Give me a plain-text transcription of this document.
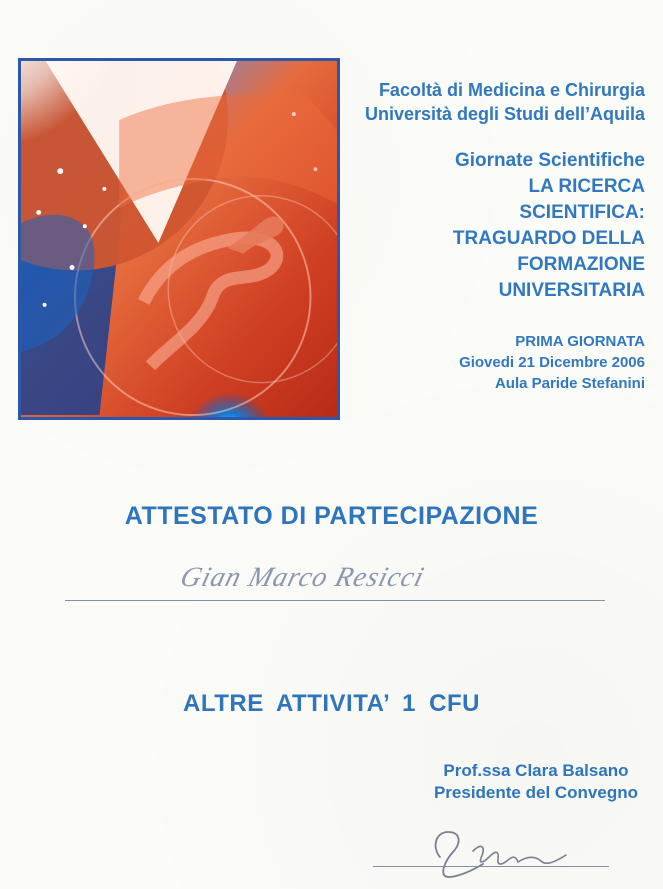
Facoltà di Medicina e Chirurgia
Università degli Studi dell’Aquila
Giornate Scientifiche
LA RICERCA
SCIENTIFICA:
TRAGUARDO DELLA
FORMAZIONE
UNIVERSITARIA
PRIMA GIORNATA
Giovedi 21 Dicembre 2006
Aula Paride Stefanini
ATTESTATO DI PARTECIPAZIONE
Gian Marco Resicci
ALTRE ATTIVITA’ 1 CFU
Prof.ssa Clara Balsano
Presidente del Convegno
